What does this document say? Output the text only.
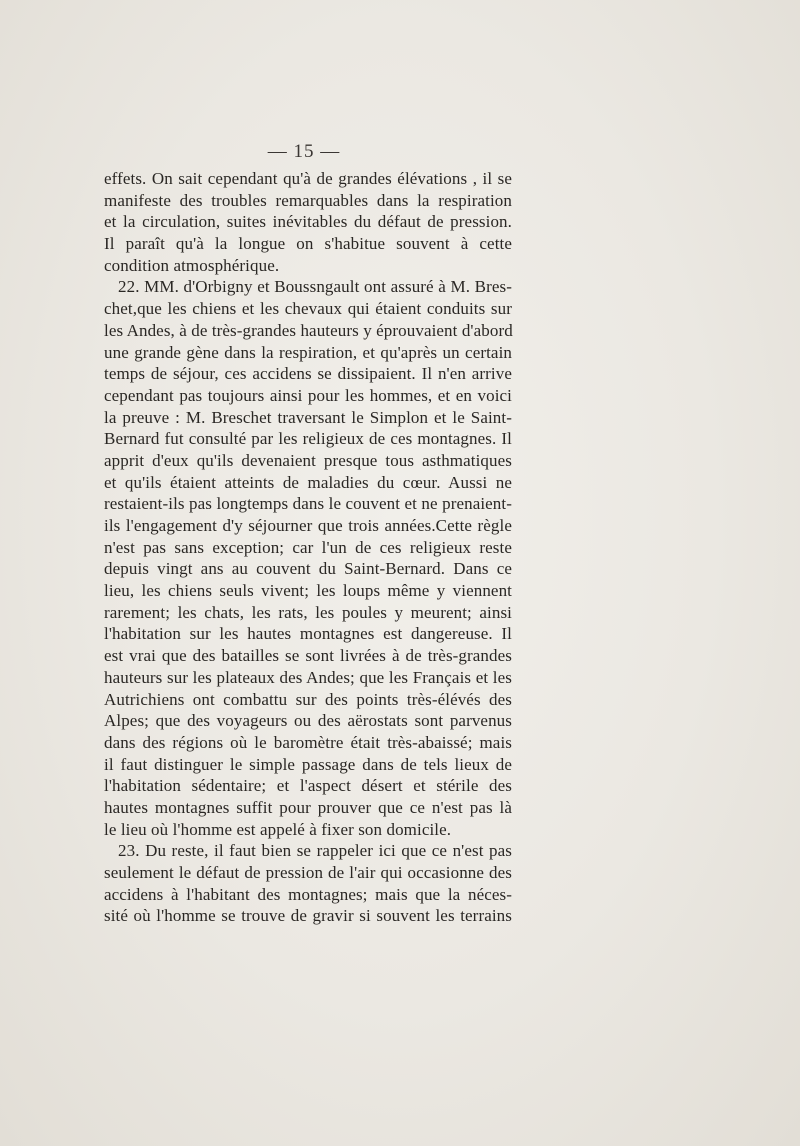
— 15 —
effets. On sait cependant qu'à de grandes élévations , il se
manifeste des troubles remarquables dans la respiration
et la circulation, suites inévitables du défaut de pression.
Il paraît qu'à la longue on s'habitue souvent à cette
condition atmosphérique.
22. MM. d'Orbigny et Boussngault ont assuré à M. Bres-
chet,que les chiens et les chevaux qui étaient conduits sur
les Andes, à de très-grandes hauteurs y éprouvaient d'abord
une grande gène dans la respiration, et qu'après un certain
temps de séjour, ces accidens se dissipaient. Il n'en arrive
cependant pas toujours ainsi pour les hommes, et en voici
la preuve : M. Breschet traversant le Simplon et le Saint-
Bernard fut consulté par les religieux de ces montagnes. Il
apprit d'eux qu'ils devenaient presque tous asthmatiques
et qu'ils étaient atteints de maladies du cœur. Aussi ne
restaient-ils pas longtemps dans le couvent et ne prenaient-
ils l'engagement d'y séjourner que trois années.Cette règle
n'est pas sans exception; car l'un de ces religieux reste
depuis vingt ans au couvent du Saint-Bernard. Dans ce
lieu, les chiens seuls vivent; les loups même y viennent
rarement; les chats, les rats, les poules y meurent; ainsi
l'habitation sur les hautes montagnes est dangereuse. Il
est vrai que des batailles se sont livrées à de très-grandes
hauteurs sur les plateaux des Andes; que les Français et les
Autrichiens ont combattu sur des points très-élévés des
Alpes; que des voyageurs ou des aërostats sont parvenus
dans des régions où le baromètre était très-abaissé; mais
il faut distinguer le simple passage dans de tels lieux de
l'habitation sédentaire; et l'aspect désert et stérile des
hautes montagnes suffit pour prouver que ce n'est pas là
le lieu où l'homme est appelé à fixer son domicile.
23. Du reste, il faut bien se rappeler ici que ce n'est pas
seulement le défaut de pression de l'air qui occasionne des
accidens à l'habitant des montagnes; mais que la néces-
sité où l'homme se trouve de gravir si souvent les terrains
